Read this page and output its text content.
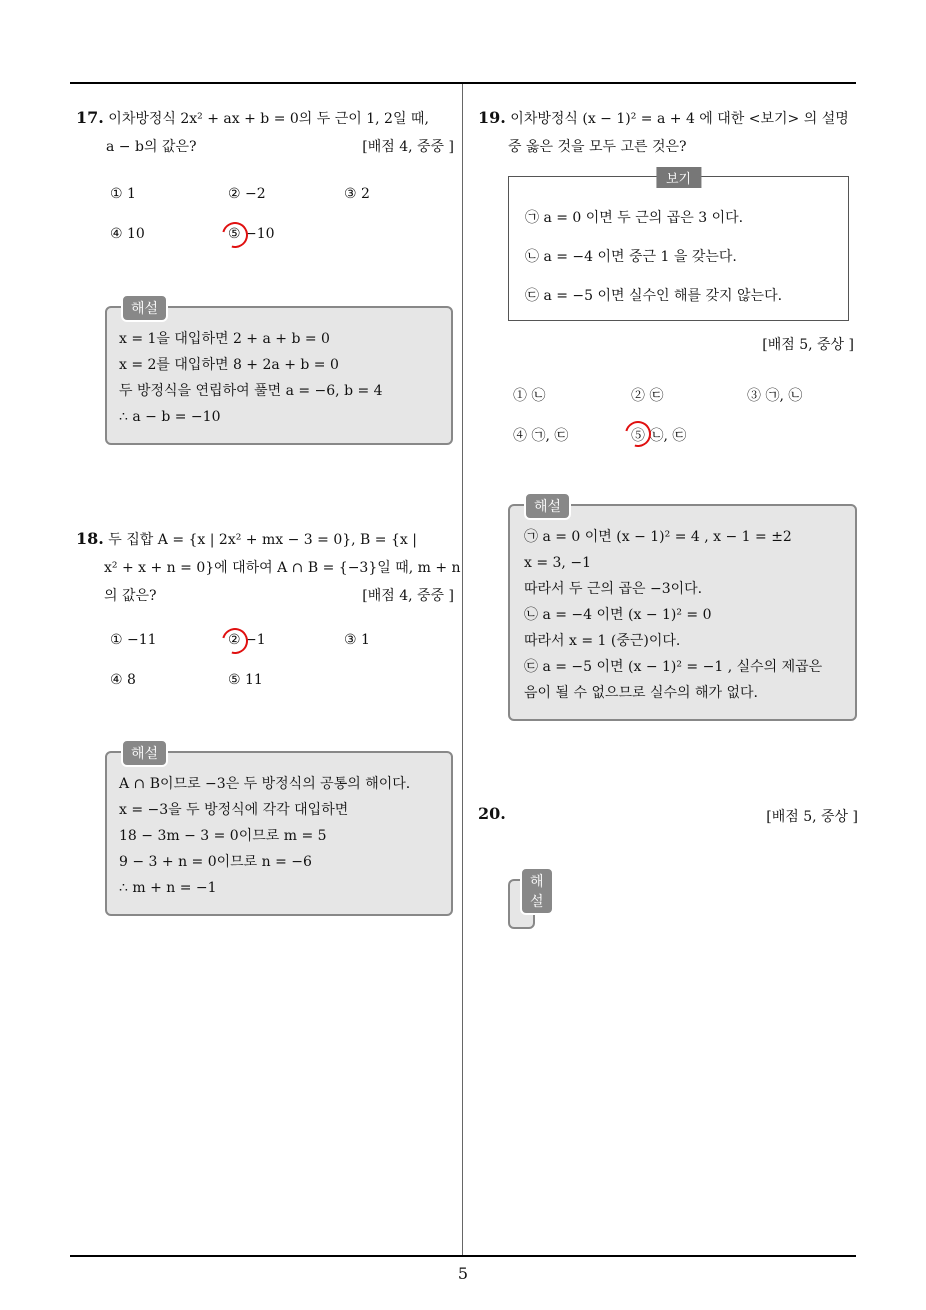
17. 이차방정식 2x² + ax + b = 0의 두 근이 1, 2일 때,
a − b의 값은?	[배점 4, 중중 ]
① 1	② −2	③ 2
④ 10	⑤ −10
해설
x = 1을 대입하면 2 + a + b = 0
x = 2를 대입하면 8 + 2a + b = 0
두 방정식을 연립하여 풀면 a = −6, b = 4
∴ a − b = −10
18. 두 집합 A = {x | 2x² + mx − 3 = 0}, B = {x |
x² + x + n = 0}에 대하여 A ∩ B = {−3}일 때, m + n
의 값은?	[배점 4, 중중 ]
① −11	② −1	③ 1
④ 8	⑤ 11
해설
A ∩ B이므로 −3은 두 방정식의 공통의 해이다.
x = −3을 두 방정식에 각각 대입하면
18 − 3m − 3 = 0이므로 m = 5
9 − 3 + n = 0이므로 n = −6
∴ m + n = −1
19. 이차방정식 (x − 1)² = a + 4 에 대한 <보기> 의 설명
중 옳은 것을 모두 고른 것은?
보기
㉠ a = 0 이면 두 근의 곱은 3 이다.
㉡ a = −4 이면 중근 1 을 갖는다.
㉢ a = −5 이면 실수인 해를 갖지 않는다.
[배점 5, 중상 ]
① ㉡	② ㉢	③ ㉠, ㉡
④ ㉠, ㉢	⑤ ㉡, ㉢
해설
㉠ a = 0 이면 (x − 1)² = 4 , x − 1 = ±2
x = 3, −1
따라서 두 근의 곱은 −3이다.
㉡ a = −4 이면 (x − 1)² = 0
따라서 x = 1 (중근)이다.
㉢ a = −5 이면 (x − 1)² = −1 , 실수의 제곱은
음이 될 수 없으므로 실수의 해가 없다.
20.	[배점 5, 중상 ]
해설
5
